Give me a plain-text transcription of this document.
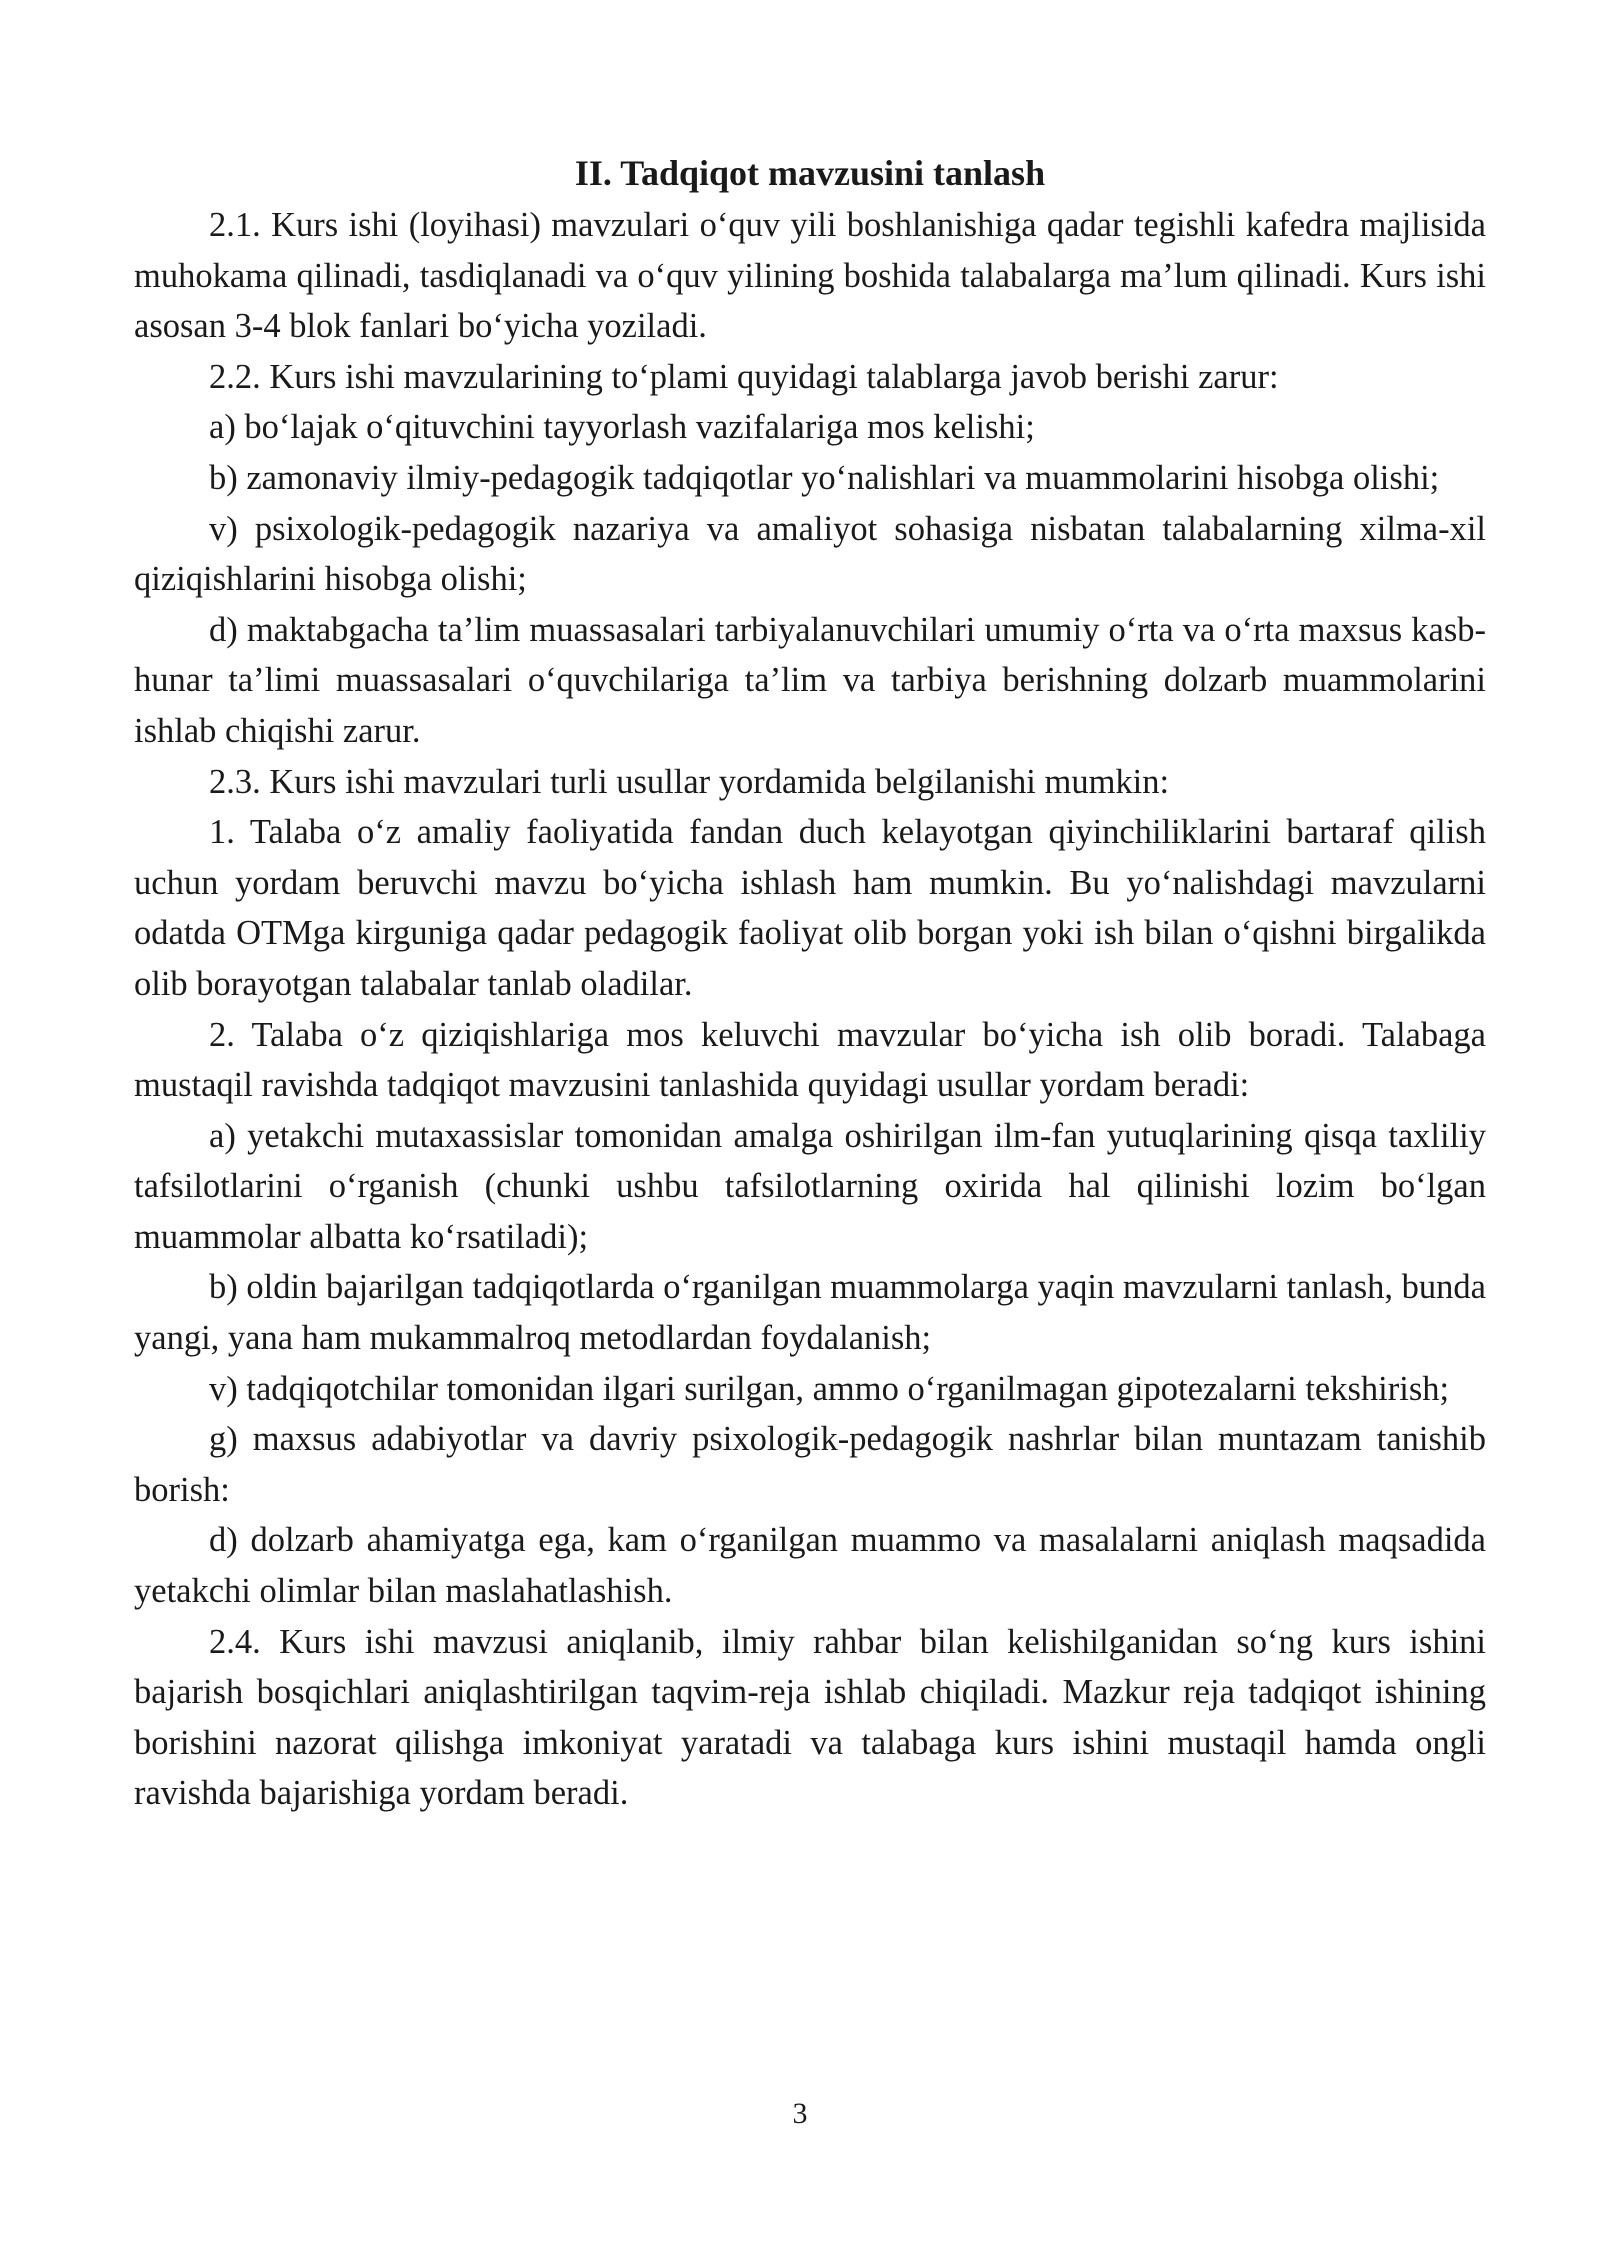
II. Tadqiqot mavzusini tanlash

2.1. Kurs ishi (loyihasi) mavzulari o‘quv yili boshlanishiga qadar tegishli kafedra majlisida muhokama qilinadi, tasdiqlanadi va o‘quv yilining boshida talabalarga ma’lum qilinadi. Kurs ishi asosan 3-4 blok fanlari bo‘yicha yoziladi.

2.2. Kurs ishi mavzularining to‘plami quyidagi talablarga javob berishi zarur:

a) bo‘lajak o‘qituvchini tayyorlash vazifalariga mos kelishi;

b) zamonaviy ilmiy-pedagogik tadqiqotlar yo‘nalishlari va muammolarini hisobga olishi;

v) psixologik-pedagogik nazariya va amaliyot sohasiga nisbatan talabalarning xilma-xil qiziqishlarini hisobga olishi;

d) maktabgacha ta’lim muassasalari tarbiyalanuvchilari umumiy o‘rta va o‘rta maxsus kasb-hunar ta’limi muassasalari o‘quvchilariga ta’lim va tarbiya berishning dolzarb muammolarini ishlab chiqishi zarur.

2.3. Kurs ishi mavzulari turli usullar yordamida belgilanishi mumkin:

1. Talaba o‘z amaliy faoliyatida fandan duch kelayotgan qiyinchiliklarini bartaraf qilish uchun yordam beruvchi mavzu bo‘yicha ishlash ham mumkin. Bu yo‘nalishdagi mavzularni odatda OTMga kirguniga qadar pedagogik faoliyat olib borgan yoki ish bilan o‘qishni birgalikda olib borayotgan talabalar tanlab oladilar.

2. Talaba o‘z qiziqishlariga mos keluvchi mavzular bo‘yicha ish olib boradi. Talabaga mustaqil ravishda tadqiqot mavzusini tanlashida quyidagi usullar yordam beradi:

a) yetakchi mutaxassislar tomonidan amalga oshirilgan ilm-fan yutuqlarining qisqa taxliliy tafsilotlarini o‘rganish (chunki ushbu tafsilotlarning oxirida hal qilinishi lozim bo‘lgan muammolar albatta ko‘rsatiladi);

b) oldin bajarilgan tadqiqotlarda o‘rganilgan muammolarga yaqin mavzularni tanlash, bunda yangi, yana ham mukammalroq metodlardan foydalanish;

v) tadqiqotchilar tomonidan ilgari surilgan, ammo o‘rganilmagan gipotezalarni tekshirish;

g) maxsus adabiyotlar va davriy psixologik-pedagogik nashrlar bilan muntazam tanishib borish:

d) dolzarb ahamiyatga ega, kam o‘rganilgan muammo va masalalarni aniqlash maqsadida yetakchi olimlar bilan maslahatlashish.

2.4. Kurs ishi mavzusi aniqlanib, ilmiy rahbar bilan kelishilganidan so‘ng kurs ishini bajarish bosqichlari aniqlashtirilgan taqvim-reja ishlab chiqiladi. Mazkur reja tadqiqot ishining borishini nazorat qilishga imkoniyat yaratadi va talabaga kurs ishini mustaqil hamda ongli ravishda bajarishiga yordam beradi.

3
